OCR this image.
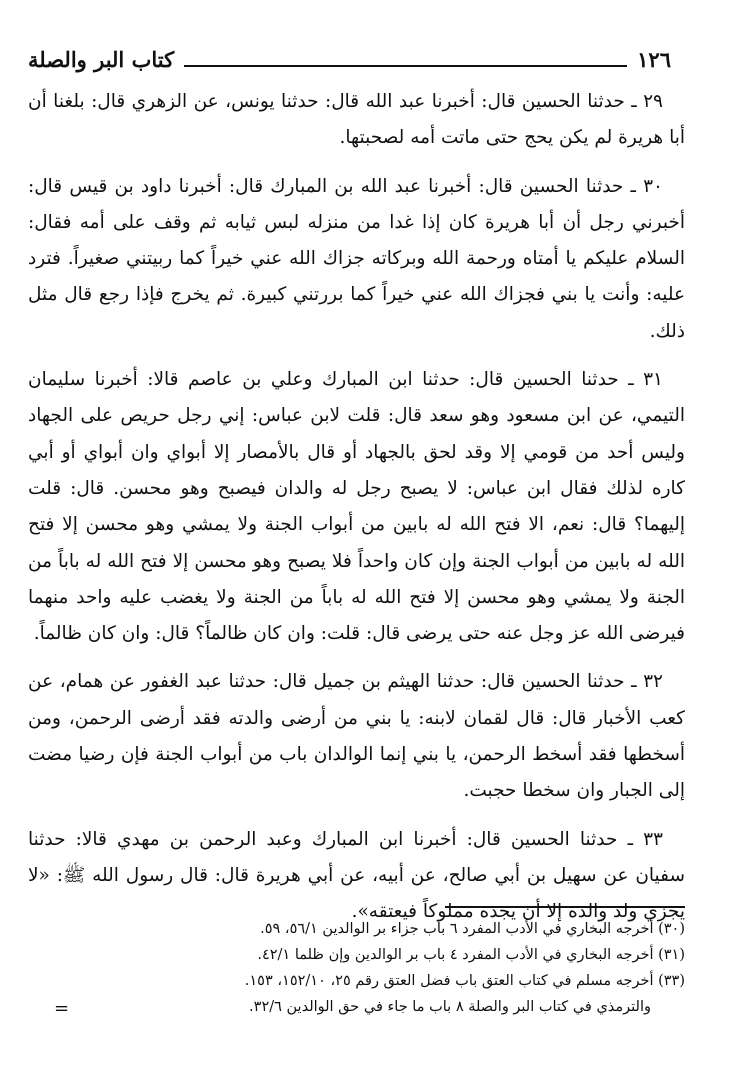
١٢٦
كتاب البر والصلة

٢٩ ـ حدثنا الحسين قال: أخبرنا عبد الله قال: حدثنا يونس، عن الزهري قال: بلغنا أن أبا هريرة لم يكن يحج حتى ماتت أمه لصحبتها.

٣٠ ـ حدثنا الحسين قال: أخبرنا عبد الله بن المبارك قال: أخبرنا داود بن قيس قال: أخبرني رجل أن أبا هريرة كان إذا غدا من منزله لبس ثيابه ثم وقف على أمه فقال: السلام عليكم يا أمتاه ورحمة الله وبركاته جزاك الله عني خيراً كما ربيتني صغيراً. فترد عليه: وأنت يا بني فجزاك الله عني خيراً كما بررتني كبيرة. ثم يخرج فإذا رجع قال مثل ذلك.

٣١ ـ حدثنا الحسين قال: حدثنا ابن المبارك وعلي بن عاصم قالا: أخبرنا سليمان التيمي، عن ابن مسعود وهو سعد قال: قلت لابن عباس: إني رجل حريص على الجهاد وليس أحد من قومي إلا وقد لحق بالجهاد أو قال بالأمصار إلا أبواي وان أبواي أو أبي كاره لذلك فقال ابن عباس: لا يصبح رجل له والدان فيصبح وهو محسن. قال: قلت إليهما؟ قال: نعم، الا فتح الله له بابين من أبواب الجنة ولا يمشي وهو محسن إلا فتح الله له بابين من أبواب الجنة وإن كان واحداً فلا يصبح وهو محسن إلا فتح الله له باباً من الجنة ولا يمشي وهو محسن إلا فتح الله له باباً من الجنة ولا يغضب عليه واحد منهما فيرضى الله عز وجل عنه حتى يرضى قال: قلت: وان كان ظالماً؟ قال: وان كان ظالماً.

٣٢ ـ حدثنا الحسين قال: حدثنا الهيثم بن جميل قال: حدثنا عبد الغفور عن همام، عن كعب الأخبار قال: قال لقمان لابنه: يا بني من أرضى والدته فقد أرضى الرحمن، ومن أسخطها فقد أسخط الرحمن، يا بني إنما الوالدان باب من أبواب الجنة فإن رضيا مضت إلى الجبار وان سخطا حجبت.

٣٣ ـ حدثنا الحسين قال: أخبرنا ابن المبارك وعبد الرحمن بن مهدي قالا: حدثنا سفيان عن سهيل بن أبي صالح، عن أبيه، عن أبي هريرة قال: قال رسول الله ﷺ: «لا يجزي ولد والده إلا أن يجده مملوكاً فيعتقه».

(٣٠) أخرجه البخاري في الأدب المفرد ٦ باب جزاء بر الوالدين ٥٦/١، ٥٩.
(٣١) أخرجه البخاري في الأدب المفرد ٤ باب بر الوالدين وإن ظلما ٤٢/١.
(٣٣) أخرجه مسلم في كتاب العتق باب فضل العتق رقم ٢٥، ١٥٢/١٠، ١٥٣.
والترمذي في كتاب البر والصلة ٨ باب ما جاء في حق الوالدين ٣٢/٦.
=
